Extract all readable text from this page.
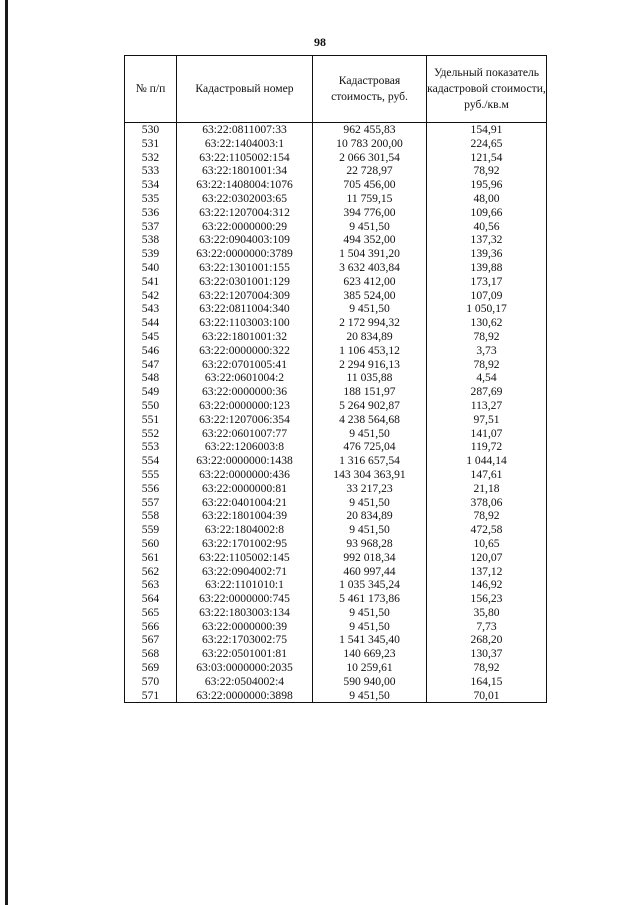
98
№ п/п	Кадастровый номер	Кадастровая стоимость, руб.	Удельный показатель кадастровой стоимости, руб./кв.м
530	63:22:0811007:33	962 455,83	154,91
531	63:22:1404003:1	10 783 200,00	224,65
532	63:22:1105002:154	2 066 301,54	121,54
533	63:22:1801001:34	22 728,97	78,92
534	63:22:1408004:1076	705 456,00	195,96
535	63:22:0302003:65	11 759,15	48,00
536	63:22:1207004:312	394 776,00	109,66
537	63:22:0000000:29	9 451,50	40,56
538	63:22:0904003:109	494 352,00	137,32
539	63:22:0000000:3789	1 504 391,20	139,36
540	63:22:1301001:155	3 632 403,84	139,88
541	63:22:0301001:129	623 412,00	173,17
542	63:22:1207004:309	385 524,00	107,09
543	63:22:0811004:340	9 451,50	1 050,17
544	63:22:1103003:100	2 172 994,32	130,62
545	63:22:1801001:32	20 834,89	78,92
546	63:22:0000000:322	1 106 453,12	3,73
547	63:22:0701005:41	2 294 916,13	78,92
548	63:22:0601004:2	11 035,88	4,54
549	63:22:0000000:36	188 151,97	287,69
550	63:22:0000000:123	5 264 902,87	113,27
551	63:22:1207006:354	4 238 564,68	97,51
552	63:22:0601007:77	9 451,50	141,07
553	63:22:1206003:8	476 725,04	119,72
554	63:22:0000000:1438	1 316 657,54	1 044,14
555	63:22:0000000:436	143 304 363,91	147,61
556	63:22:0000000:81	33 217,23	21,18
557	63:22:0401004:21	9 451,50	378,06
558	63:22:1801004:39	20 834,89	78,92
559	63:22:1804002:8	9 451,50	472,58
560	63:22:1701002:95	93 968,28	10,65
561	63:22:1105002:145	992 018,34	120,07
562	63:22:0904002:71	460 997,44	137,12
563	63:22:1101010:1	1 035 345,24	146,92
564	63:22:0000000:745	5 461 173,86	156,23
565	63:22:1803003:134	9 451,50	35,80
566	63:22:0000000:39	9 451,50	7,73
567	63:22:1703002:75	1 541 345,40	268,20
568	63:22:0501001:81	140 669,23	130,37
569	63:03:0000000:2035	10 259,61	78,92
570	63:22:0504002:4	590 940,00	164,15
571	63:22:0000000:3898	9 451,50	70,01
